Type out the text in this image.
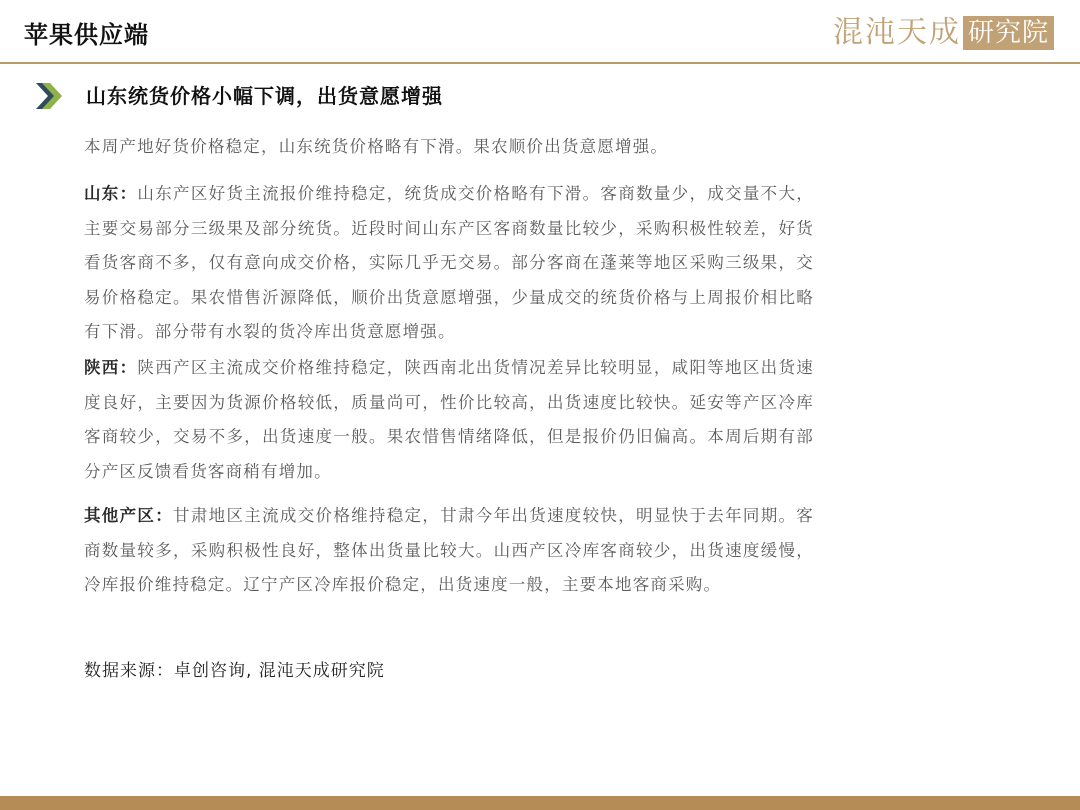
苹果供应端	混沌天成 研究院
山东统货价格小幅下调，出货意愿增强
本周产地好货价格稳定，山东统货价格略有下滑。果农顺价出货意愿增强。
山东：山东产区好货主流报价维持稳定，统货成交价格略有下滑。客商数量少，成交量不大，主要交易部分三级果及部分统货。近段时间山东产区客商数量比较少，采购积极性较差，好货看货客商不多，仅有意向成交价格，实际几乎无交易。部分客商在蓬莱等地区采购三级果，交易价格稳定。果农惜售沂源降低，顺价出货意愿增强，少量成交的统货价格与上周报价相比略有下滑。部分带有水裂的货冷库出货意愿增强。
陕西：陕西产区主流成交价格维持稳定，陕西南北出货情况差异比较明显，咸阳等地区出货速度良好，主要因为货源价格较低，质量尚可，性价比较高，出货速度比较快。延安等产区冷库客商较少，交易不多，出货速度一般。果农惜售情绪降低，但是报价仍旧偏高。本周后期有部分产区反馈看货客商稍有增加。
其他产区：甘肃地区主流成交价格维持稳定，甘肃今年出货速度较快，明显快于去年同期。客商数量较多，采购积极性良好，整体出货量比较大。山西产区冷库客商较少，出货速度缓慢，冷库报价维持稳定。辽宁产区冷库报价稳定，出货速度一般，主要本地客商采购。
数据来源：卓创咨询, 混沌天成研究院
